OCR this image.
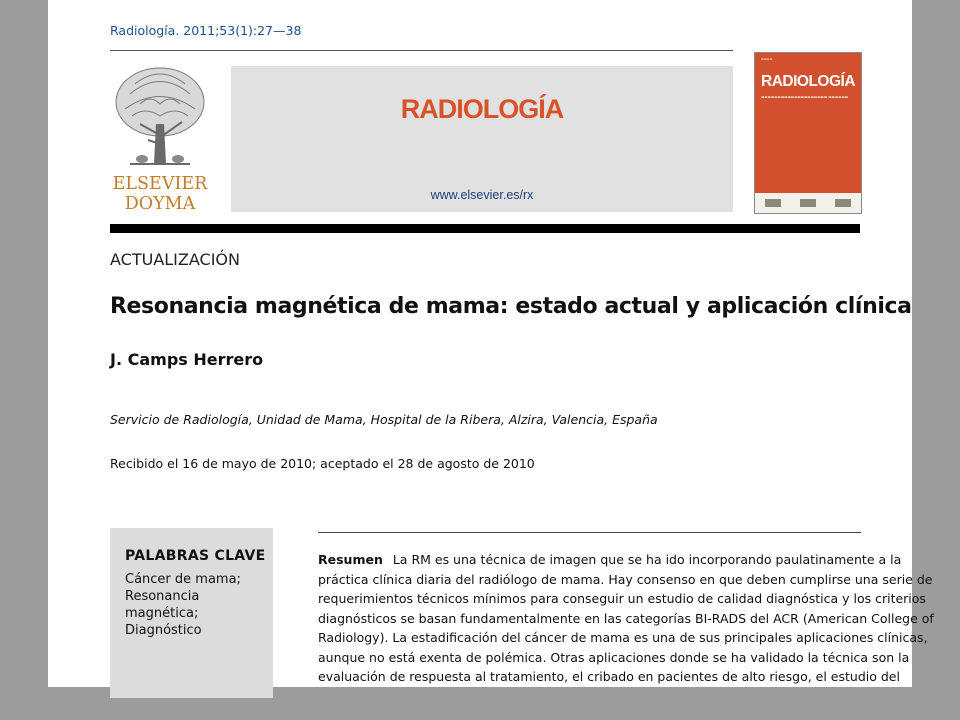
Radiología. 2011;53(1):27—38
ELSEVIER
DOYMA
RADIOLOGÍA
www.elsevier.es/rx
▬▬▬▬
RADIOLOGÍA
▬▬▬▬▬▬▬▬▬▬▬▬▬▬▬▬▬▬▬▬ ▬▬▬▬▬▬
ACTUALIZACIÓN
Resonancia magnética de mama: estado actual y aplicación clínica
J. Camps Herrero
Servicio de Radiología, Unidad de Mama, Hospital de la Ribera, Alzira, Valencia, España
Recibido el 16 de mayo de 2010; aceptado el 28 de agosto de 2010
PALABRAS CLAVE
Cáncer de mama;
Resonancia
magnética;
Diagnóstico
Resumen La RM es una técnica de imagen que se ha ido incorporando paulatinamente a la
práctica clínica diaria del radiólogo de mama. Hay consenso en que deben cumplirse una serie de
requerimientos técnicos mínimos para conseguir un estudio de calidad diagnóstica y los criterios
diagnósticos se basan fundamentalmente en las categorías BI-RADS del ACR (American College of
Radiology). La estadificación del cáncer de mama es una de sus principales aplicaciones clínicas,
aunque no está exenta de polémica. Otras aplicaciones donde se ha validado la técnica son la
evaluación de respuesta al tratamiento, el cribado en pacientes de alto riesgo, el estudio del
